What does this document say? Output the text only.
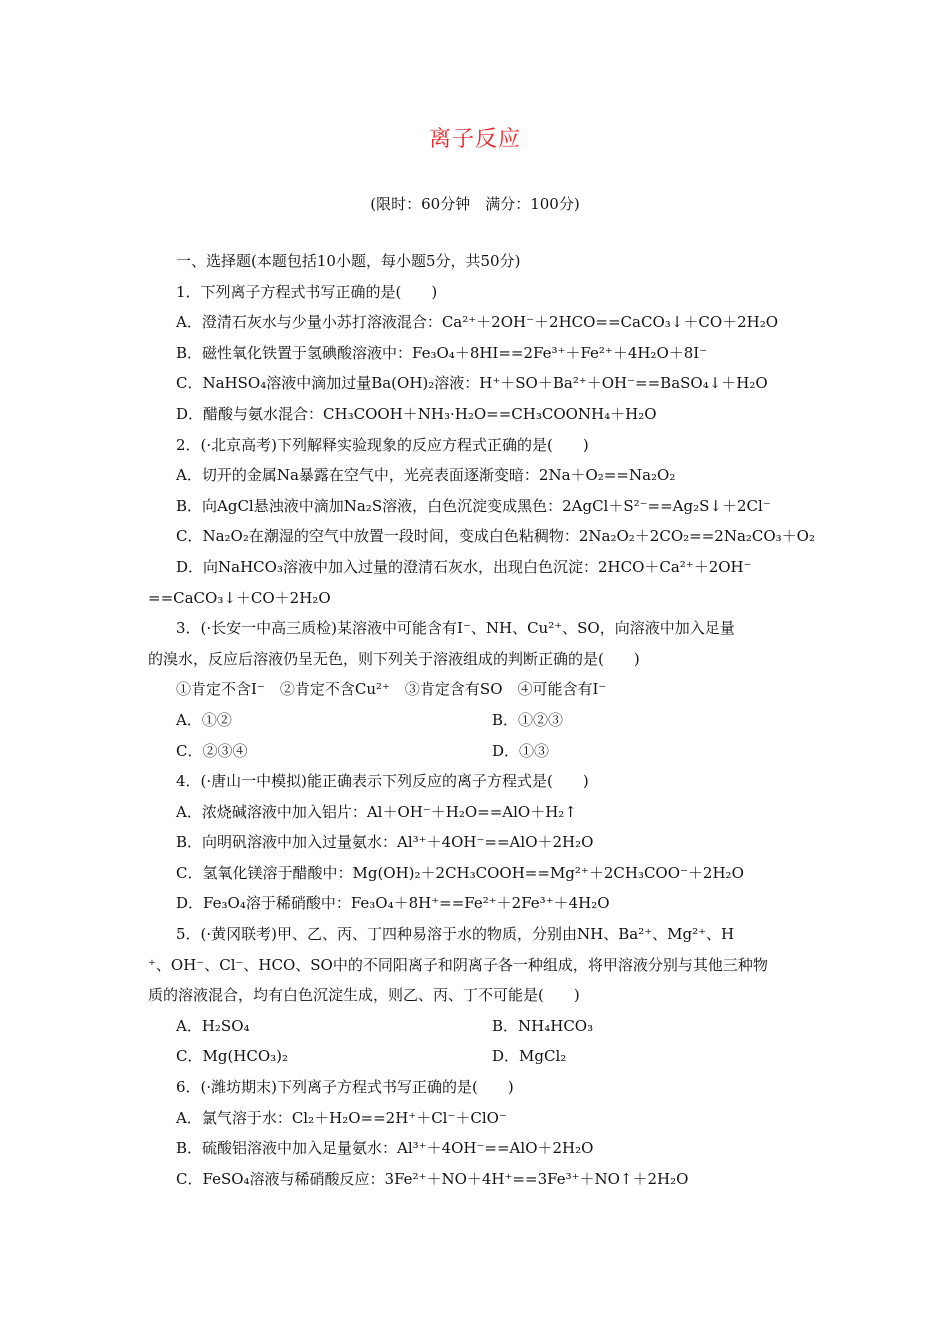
离子反应
(限时：60分钟　满分：100分)
一、选择题(本题包括10小题，每小题5分，共50分)
1．下列离子方程式书写正确的是(　　)
A．澄清石灰水与少量小苏打溶液混合：Ca²⁺＋2OH⁻＋2HCO==CaCO₃↓＋CO＋2H₂O
B．磁性氧化铁置于氢碘酸溶液中：Fe₃O₄＋8HI==2Fe³⁺＋Fe²⁺＋4H₂O＋8I⁻
C．NaHSO₄溶液中滴加过量Ba(OH)₂溶液：H⁺＋SO＋Ba²⁺＋OH⁻==BaSO₄↓＋H₂O
D．醋酸与氨水混合：CH₃COOH＋NH₃·H₂O==CH₃COONH₄＋H₂O
2．(·北京高考)下列解释实验现象的反应方程式正确的是(　　)
A．切开的金属Na暴露在空气中，光亮表面逐渐变暗：2Na＋O₂==Na₂O₂
B．向AgCl悬浊液中滴加Na₂S溶液，白色沉淀变成黑色：2AgCl＋S²⁻==Ag₂S↓＋2Cl⁻
C．Na₂O₂在潮湿的空气中放置一段时间，变成白色粘稠物：2Na₂O₂＋2CO₂==2Na₂CO₃＋O₂
D．向NaHCO₃溶液中加入过量的澄清石灰水，出现白色沉淀：2HCO＋Ca²⁺＋2OH⁻
==CaCO₃↓＋CO＋2H₂O
3．(·长安一中高三质检)某溶液中可能含有I⁻、NH、Cu²⁺、SO，向溶液中加入足量
的溴水，反应后溶液仍呈无色，则下列关于溶液组成的判断正确的是(　　)
①肯定不含I⁻　②肯定不含Cu²⁺　③肯定含有SO　④可能含有I⁻
A．①②	B．①②③
C．②③④	D．①③
4．(·唐山一中模拟)能正确表示下列反应的离子方程式是(　　)
A．浓烧碱溶液中加入铝片：Al＋OH⁻＋H₂O==AlO＋H₂↑
B．向明矾溶液中加入过量氨水：Al³⁺＋4OH⁻==AlO＋2H₂O
C．氢氧化镁溶于醋酸中：Mg(OH)₂＋2CH₃COOH==Mg²⁺＋2CH₃COO⁻＋2H₂O
D．Fe₃O₄溶于稀硝酸中：Fe₃O₄＋8H⁺==Fe²⁺＋2Fe³⁺＋4H₂O
5．(·黄冈联考)甲、乙、丙、丁四种易溶于水的物质，分别由NH、Ba²⁺、Mg²⁺、H
⁺、OH⁻、Cl⁻、HCO、SO中的不同阳离子和阴离子各一种组成，将甲溶液分别与其他三种物
质的溶液混合，均有白色沉淀生成，则乙、丙、丁不可能是(　　)
A．H₂SO₄	B．NH₄HCO₃
C．Mg(HCO₃)₂	D．MgCl₂
6．(·潍坊期末)下列离子方程式书写正确的是(　　)
A．氯气溶于水：Cl₂＋H₂O==2H⁺＋Cl⁻＋ClO⁻
B．硫酸铝溶液中加入足量氨水：Al³⁺＋4OH⁻==AlO＋2H₂O
C．FeSO₄溶液与稀硝酸反应：3Fe²⁺＋NO＋4H⁺==3Fe³⁺＋NO↑＋2H₂O
